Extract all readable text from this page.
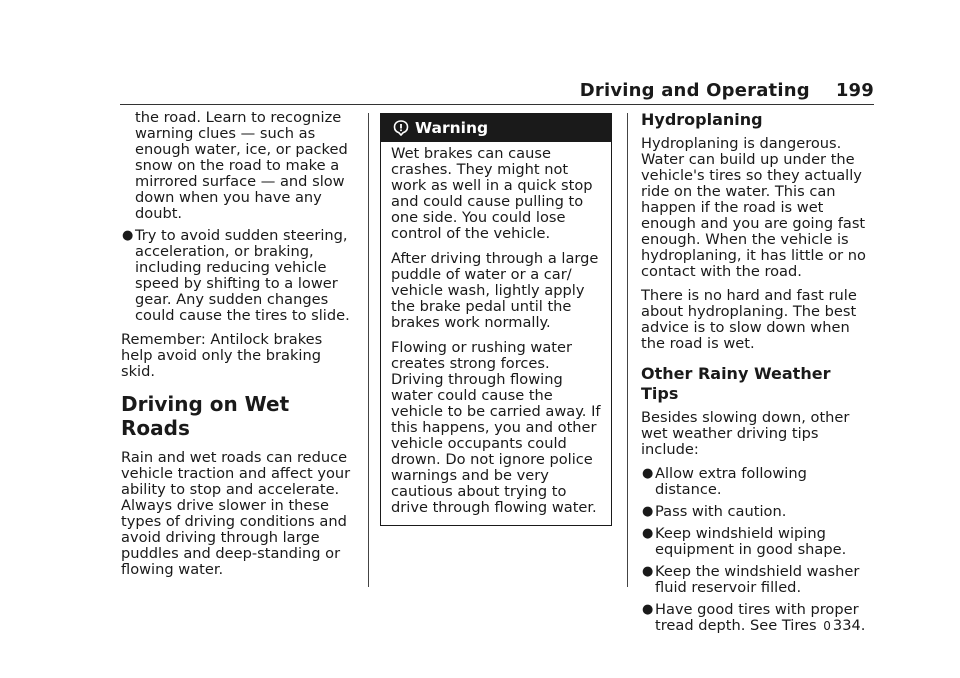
Driving and Operating 199
the road. Learn to recognize warning clues — such as enough water, ice, or packed snow on the road to make a mirrored surface — and slow down when you have any doubt.
● Try to avoid sudden steering, acceleration, or braking, including reducing vehicle speed by shifting to a lower gear. Any sudden changes could cause the tires to slide.

Remember: Antilock brakes help avoid only the braking skid.

Driving on Wet Roads

Rain and wet roads can reduce vehicle traction and affect your ability to stop and accelerate. Always drive slower in these types of driving conditions and avoid driving through large puddles and deep-standing or flowing water.

Warning

Wet brakes can cause crashes. They might not work as well in a quick stop and could cause pulling to one side. You could lose control of the vehicle.

After driving through a large puddle of water or a car/ vehicle wash, lightly apply the brake pedal until the brakes work normally.

Flowing or rushing water creates strong forces. Driving through flowing water could cause the vehicle to be carried away. If this happens, you and other vehicle occupants could drown. Do not ignore police warnings and be very cautious about trying to drive through flowing water.

Hydroplaning

Hydroplaning is dangerous. Water can build up under the vehicle's tires so they actually ride on the water. This can happen if the road is wet enough and you are going fast enough. When the vehicle is hydroplaning, it has little or no contact with the road.

There is no hard and fast rule about hydroplaning. The best advice is to slow down when the road is wet.

Other Rainy Weather Tips

Besides slowing down, other wet weather driving tips include:

● Allow extra following distance.
● Pass with caution.
● Keep windshield wiping equipment in good shape.
● Keep the windshield washer fluid reservoir filled.
● Have good tires with proper tread depth. See Tires 0 334.
